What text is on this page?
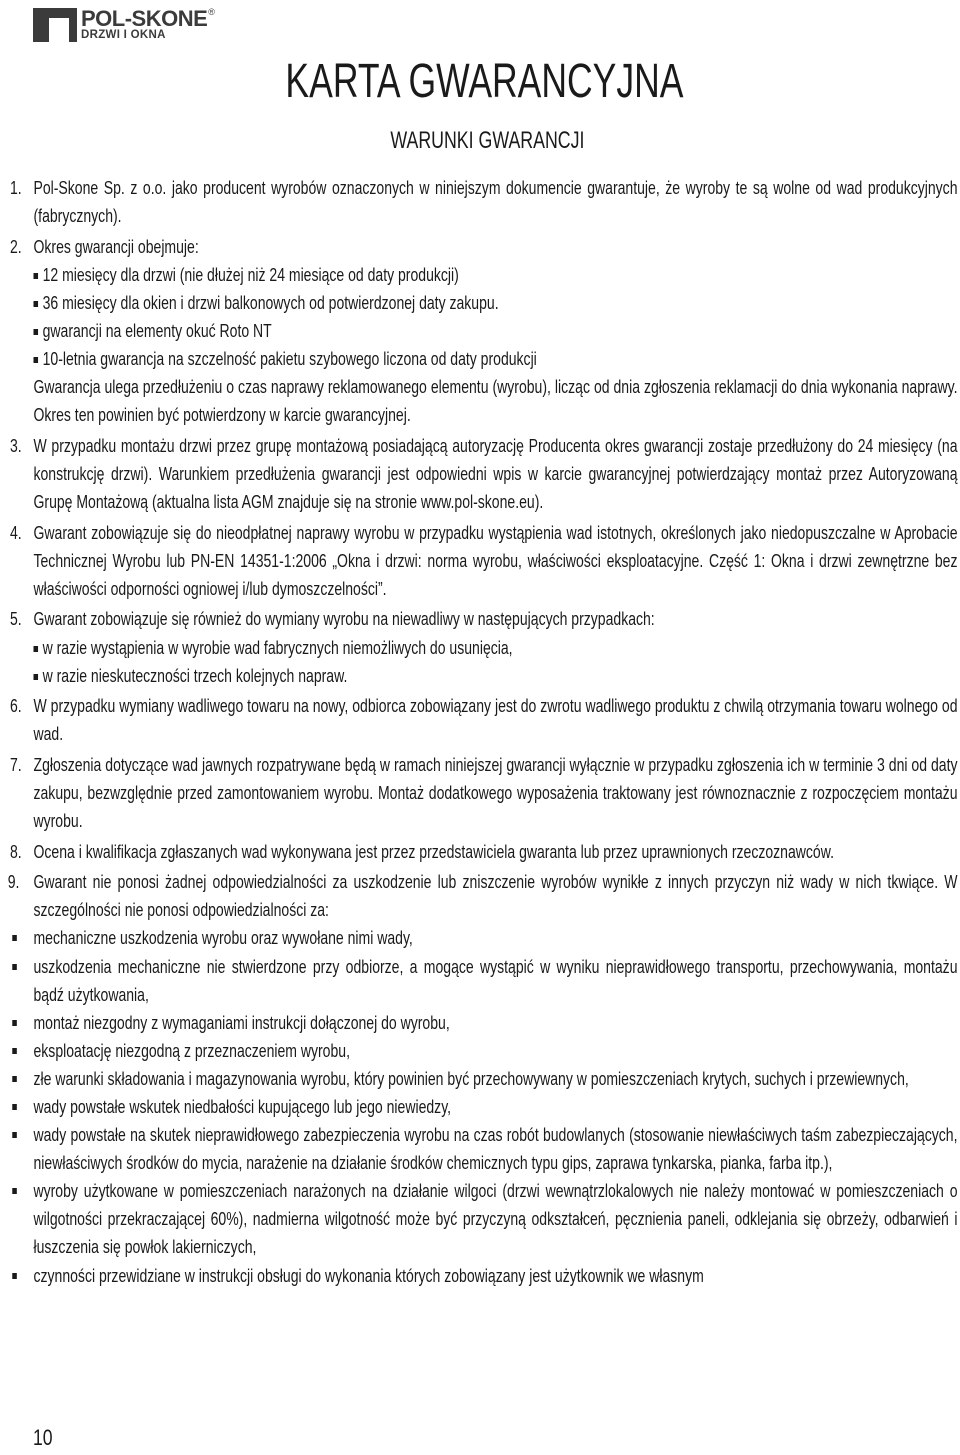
POL-SKONE®
DRZWI I OKNA
KARTA GWARANCYJNA
WARUNKI GWARANCJI

1. Pol-Skone Sp. z o.o. jako producent wyrobów oznaczonych w niniejszym dokumencie gwarantuje, że wyroby te są wolne od wad produkcyjnych (fabrycznych).

2. Okres gwarancji obejmuje:
12 miesięcy dla drzwi (nie dłużej niż 24 miesiące od daty produkcji)
36 miesięcy dla okien i drzwi balkonowych od potwierdzonej daty zakupu.
gwarancji na elementy okuć Roto NT
10-letnia gwarancja na szczelność pakietu szybowego liczona od daty produkcji
Gwarancja ulega przedłużeniu o czas naprawy reklamowanego elementu (wyrobu), licząc od dnia zgłoszenia reklamacji do dnia wykonania naprawy. Okres ten powinien być potwierdzony w karcie gwarancyjnej.

3. W przypadku montażu drzwi przez grupę montażową posiadającą autoryzację Producenta okres gwarancji zostaje przedłużony do 24 miesięcy (na konstrukcję drzwi). Warunkiem przedłużenia gwarancji jest odpowiedni wpis w karcie gwarancyjnej potwierdzający montaż przez Autoryzowaną Grupę Montażową (aktualna lista AGM znajduje się na stronie www.pol-skone.eu).

4. Gwarant zobowiązuje się do nieodpłatnej naprawy wyrobu w przypadku wystąpienia wad istotnych, określonych jako niedopuszczalne w Aprobacie Technicznej Wyrobu lub PN-EN 14351-1:2006 „Okna i drzwi: norma wyrobu, właściwości eksploatacyjne. Część 1: Okna i drzwi zewnętrzne bez właściwości odporności ogniowej i/lub dymoszczelności”.

5. Gwarant zobowiązuje się również do wymiany wyrobu na niewadliwy w następujących przypadkach:
w razie wystąpienia w wyrobie wad fabrycznych niemożliwych do usunięcia,
w razie nieskuteczności trzech kolejnych napraw.

6. W przypadku wymiany wadliwego towaru na nowy, odbiorca zobowiązany jest do zwrotu wadliwego produktu z chwilą otrzymania towaru wolnego od wad.

7. Zgłoszenia dotyczące wad jawnych rozpatrywane będą w ramach niniejszej gwarancji wyłącznie w przypadku zgłoszenia ich w terminie 3 dni od daty zakupu, bezwzględnie przed zamontowaniem wyrobu. Montaż dodatkowego wyposażenia traktowany jest równoznacznie z rozpoczęciem montażu wyrobu.

8. Ocena i kwalifikacja zgłaszanych wad wykonywana jest przez przedstawiciela gwaranta lub przez uprawnionych rzeczoznawców.

9. Gwarant nie ponosi żadnej odpowiedzialności za uszkodzenie lub zniszczenie wyrobów wynikłe z innych przyczyn niż wady w nich tkwiące. W szczególności nie ponosi odpowiedzialności za:

mechaniczne uszkodzenia wyrobu oraz wywołane nimi wady,

uszkodzenia mechaniczne nie stwierdzone przy odbiorze, a mogące wystąpić w wyniku nieprawidłowego transportu, przechowywania, montażu bądź użytkowania,

montaż niezgodny z wymaganiami instrukcji dołączonej do wyrobu,

eksploatację niezgodną z przeznaczeniem wyrobu,

złe warunki składowania i magazynowania wyrobu, który powinien być przechowywany w pomieszczeniach krytych, suchych i przewiewnych,

wady powstałe wskutek niedbałości kupującego lub jego niewiedzy,

wady powstałe na skutek nieprawidłowego zabezpieczenia wyrobu na czas robót budowlanych (stosowanie niewłaściwych taśm zabezpieczających, niewłaściwych środków do mycia, narażenie na działanie środków chemicznych typu gips, zaprawa tynkarska, pianka, farba itp.),

wyroby użytkowane w pomieszczeniach narażonych na działanie wilgoci (drzwi wewnątrzlokalowych nie należy montować w pomieszczeniach o wilgotności przekraczającej 60%), nadmierna wilgotność może być przyczyną odkształceń, pęcznienia paneli, odklejania się obrzeży, odbarwień i łuszczenia się powłok lakierniczych,

czynności przewidziane w instrukcji obsługi do wykonania których zobowiązany jest użytkownik we własnym

10
